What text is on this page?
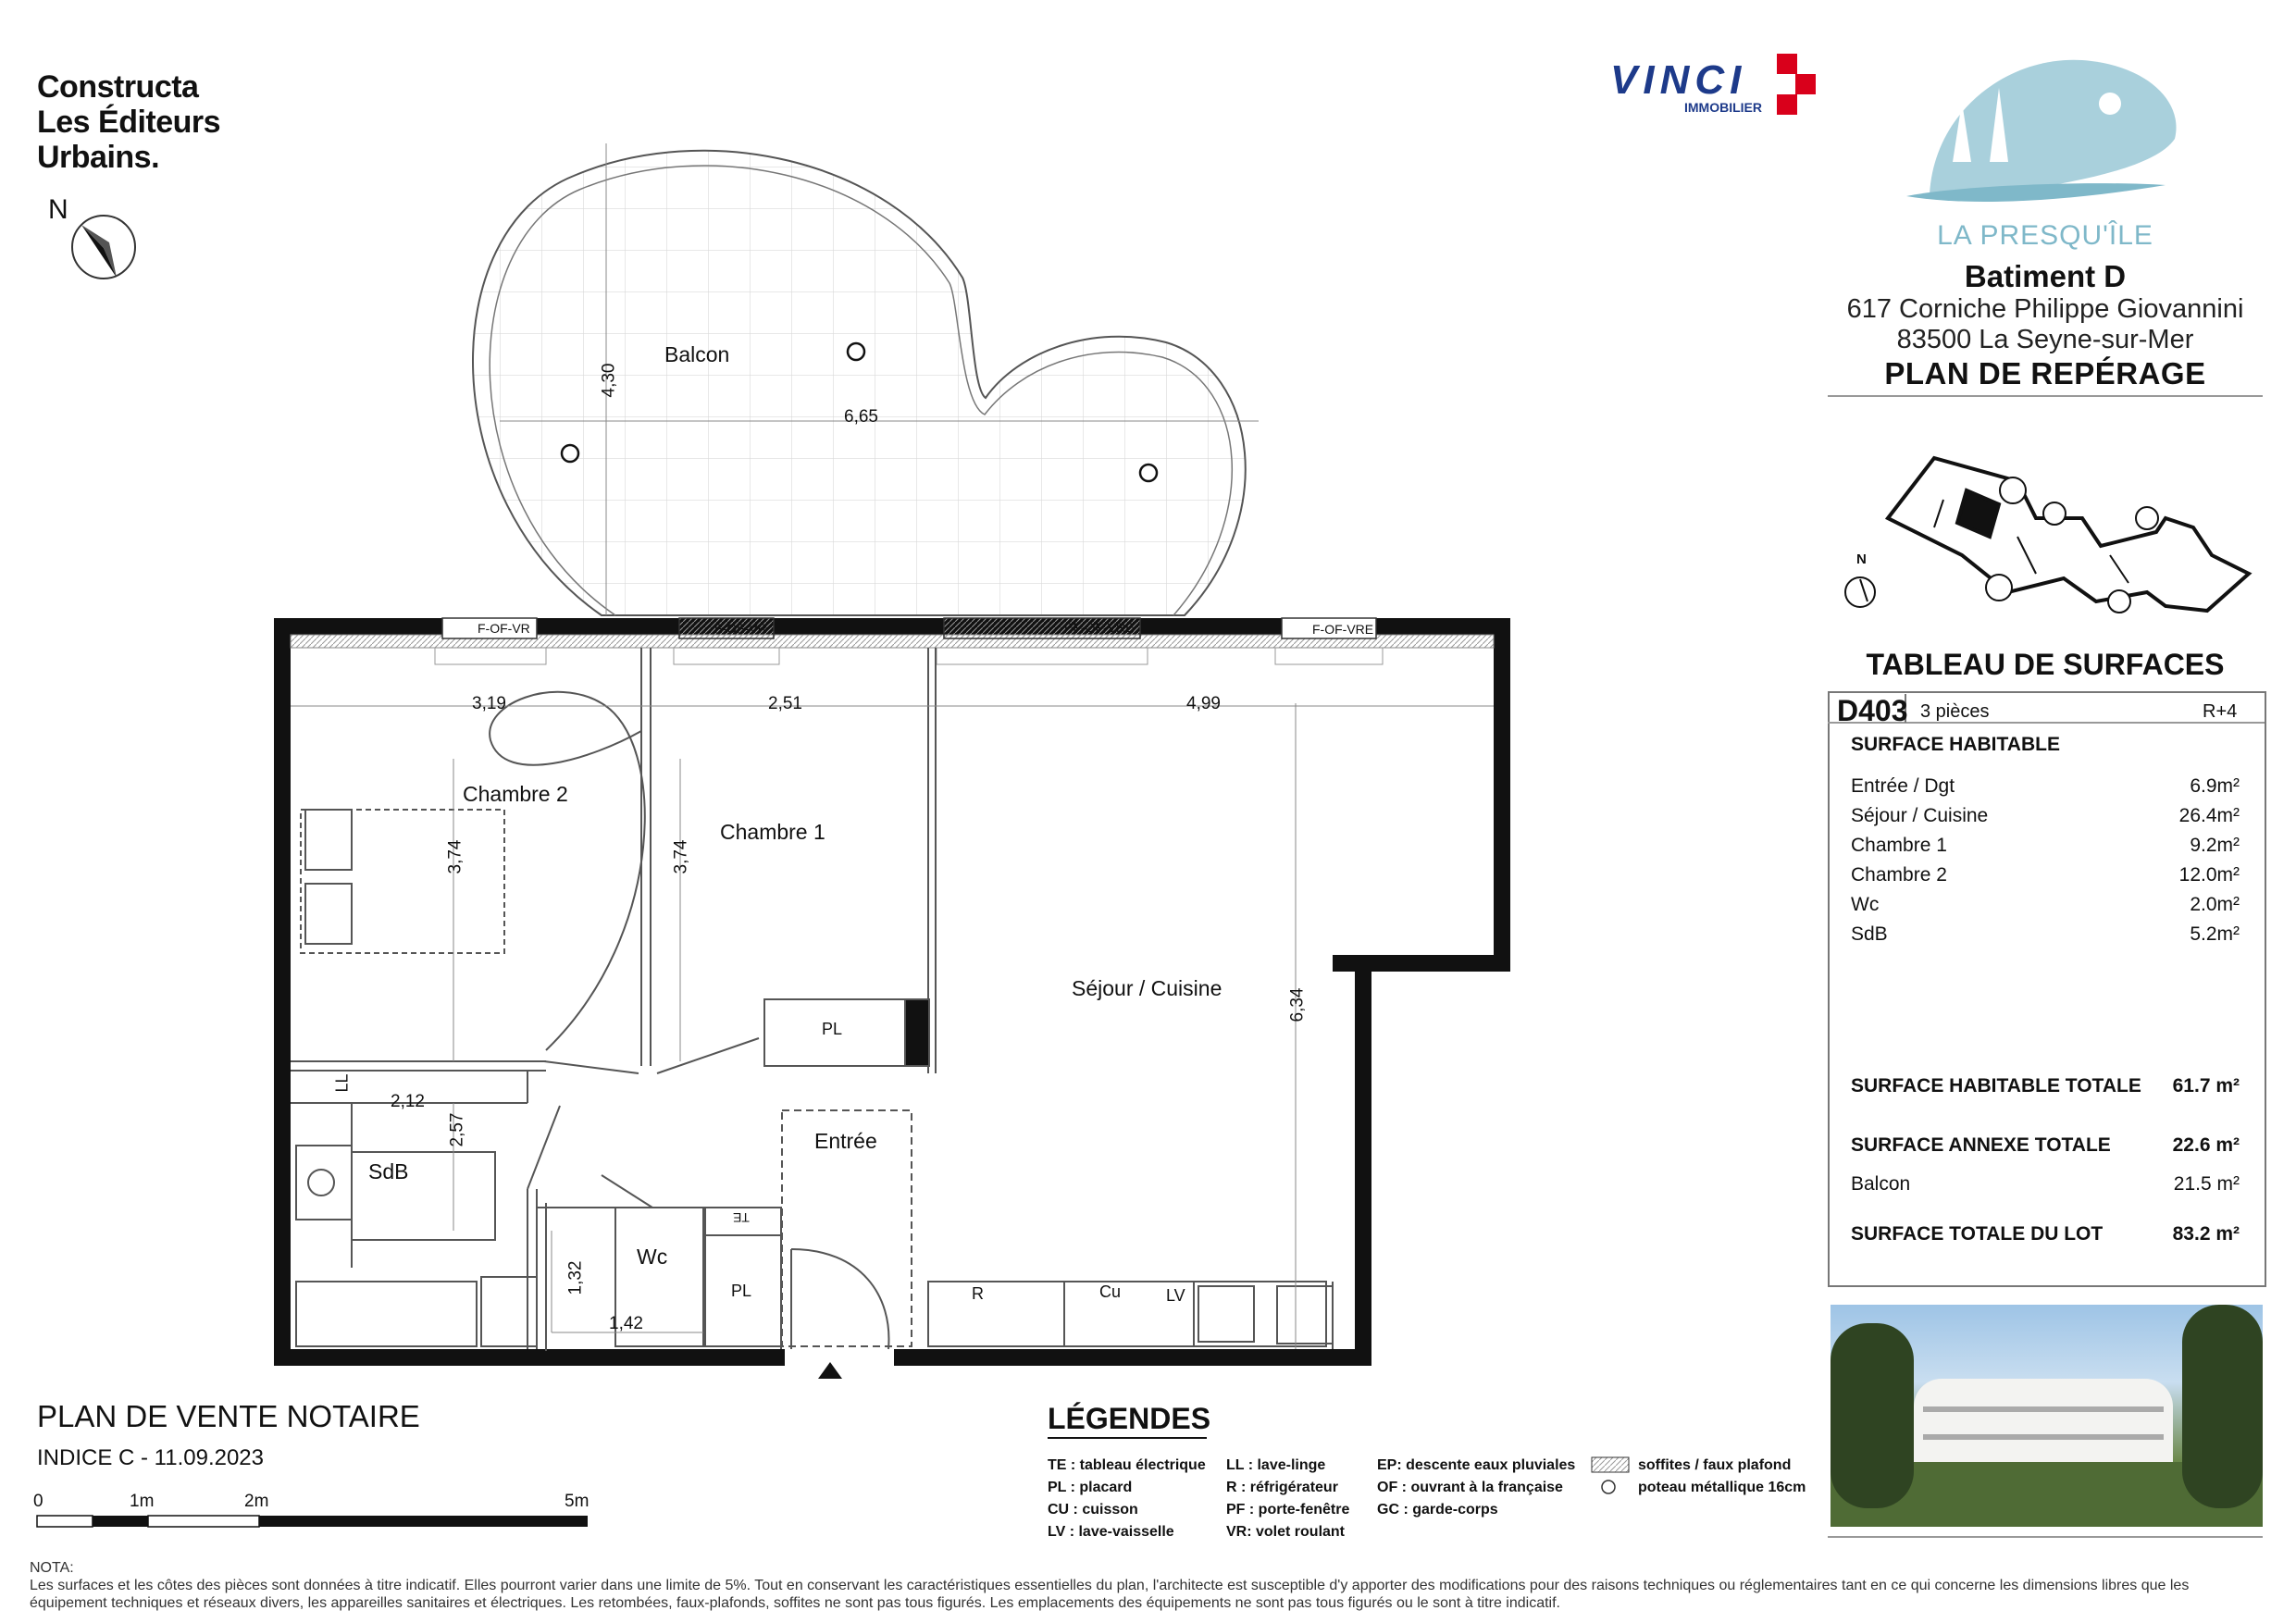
Constructa
Les Éditeurs
Urbains.
N
VINCI
IMMOBILIER
LA PRESQU'ÎLE
Batiment D
617 Corniche Philippe Giovannini
83500 La Seyne-sur-Mer
PLAN DE REPÉRAGE
N
Balcon
Chambre 2
Chambre 1
Séjour / Cuisine
Entrée
SdB
Wc
PL
PL
LL
TE
R	Cu	LV
F-OF-VR	F-OF-VR	PF-OF-VRE	F-OF-VRE
6,65
4,30
3,19	2,51	4,99
3,74	3,74
6,34
2,12
2,57
1,32
1,42
TABLEAU DE SURFACES
D403 3 pièces	R+4
SURFACE HABITABLE
Entrée / Dgt	6.9m²
Séjour / Cuisine	26.4m²
Chambre 1	9.2m²
Chambre 2	12.0m²
Wc	2.0m²
SdB	5.2m²
SURFACE HABITABLE TOTALE 61.7 m²
SURFACE ANNEXE TOTALE	22.6 m²
Balcon	21.5 m²
SURFACE TOTALE DU LOT	83.2 m²
PLAN DE VENTE NOTAIRE
INDICE C - 11.09.2023
0	1m	2m	5m
LÉGENDES
TE : tableau électrique
PL : placard
CU : cuisson
LV : lave-vaisselle
LL : lave-linge
R : réfrigérateur
PF : porte-fenêtre
VR: volet roulant
EP: descente eaux pluviales
OF : ouvrant à la française
GC : garde-corps
soffites / faux plafond
poteau métallique 16cm
NOTA:
Les surfaces et les côtes des pièces sont données à titre indicatif. Elles pourront varier dans une limite de 5%. Tout en conservant les caractéristiques essentielles du plan, l'architecte est susceptible d'y apporter des modifications pour des raisons techniques ou réglementaires tant en ce qui concerne les dimensions libres que les équipement techniques et réseaux divers, les appareilles sanitaires et électriques. Les retombées, faux-plafonds, soffites ne sont pas tous figurés. Les emplacements des équipements ne sont pas tous figurés ou le sont à titre indicatif.
